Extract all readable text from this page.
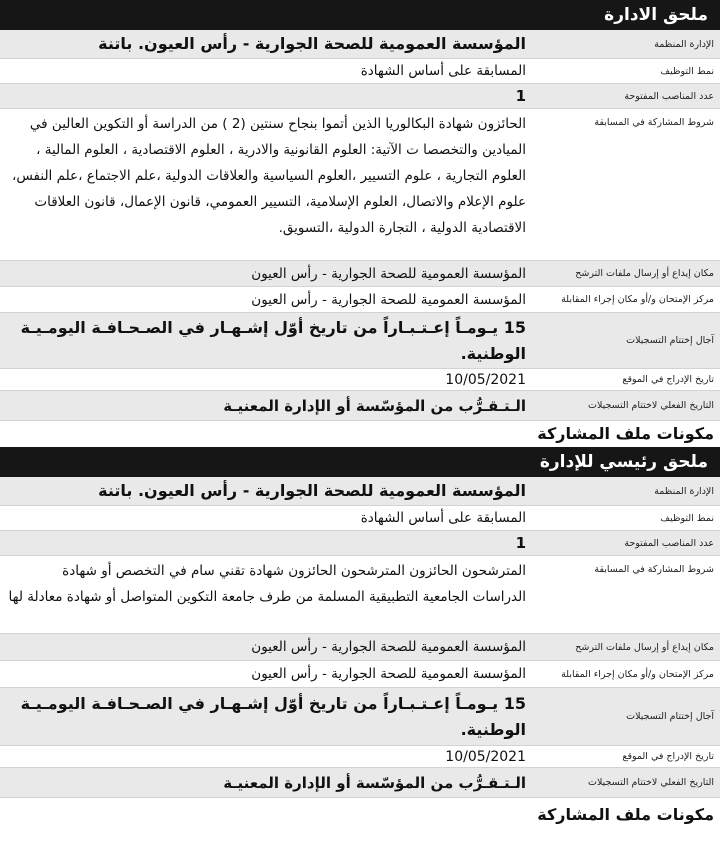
ملحق الادارة
الإدارة المنظمة
المؤسسة العمومية للصحة الجوارية - رأس العيون. باتنة
نمط التوظيف
المسابقة على أساس الشهادة
عدد المناصب المفتوحة
1
شروط المشاركة في المسابقة
الحائزون شهادة البكالوريا الذين أتموا بنجاح سنتين (2 ) من الدراسة أو التكوين العالين في الميادين والتخصصا ت الآتية: العلوم القانونية والادرية ، العلوم الاقتصادية ، العلوم المالية ، العلوم التجارية ، علوم التسيير ،العلوم السياسية والعلاقات الدولية ،علم الاجتماع ،علم النفس، علوم الإعلام والاتصال، العلوم الإسلامية، التسيير العمومي، قانون الإعمال، قانون العلاقات الاقتصادية الدولية ، التجارة الدولية ،التسويق.
مكان إيداع أو إرسال ملفات الترشح
المؤسسة العمومية للصحة الجوارية - رأس العيون
مركز الإمتحان و/أو مكان إجراء المقابلة
المؤسسة العمومية للصحة الجوارية - رأس العيون
آجال إختتام التسجيلات
15 يـومـاً إعـتـبـاراً من تاريخ أوّل إشـهـار في الصـحـافـة اليومـيـة الوطنية.
تاريخ الإدراج في الموقع
10/05/2021
التاريخ الفعلي لاختتام التسجيلات
الـتـقـرُّب من المؤسّسة أو الإدارة المعنيـة
مكونات ملف المشاركة
ملحق رئيسي للإدارة
الإدارة المنظمة
المؤسسة العمومية للصحة الجوارية - رأس العيون. باتنة
نمط التوظيف
المسابقة على أساس الشهادة
عدد المناصب المفتوحة
1
شروط المشاركة في المسابقة
المترشحون الحائزون المترشحون الحائزون شهادة تقني سام في التخصص أو شهادة الدراسات الجامعية التطبيقية المسلمة من طرف جامعة التكوين المتواصل أو شهادة معادلة لها
مكان إيداع أو إرسال ملفات الترشح
المؤسسة العمومية للصحة الجوارية - رأس العيون
مركز الإمتحان و/أو مكان إجراء المقابلة
المؤسسة العمومية للصحة الجوارية - رأس العيون
آجال إختتام التسجيلات
15 يـومـاً إعـتـبـاراً من تاريخ أوّل إشـهـار في الصـحـافـة اليومـيـة الوطنية.
تاريخ الإدراج في الموقع
10/05/2021
التاريخ الفعلي لاختتام التسجيلات
الـتـقـرُّب من المؤسّسة أو الإدارة المعنيـة
مكونات ملف المشاركة
